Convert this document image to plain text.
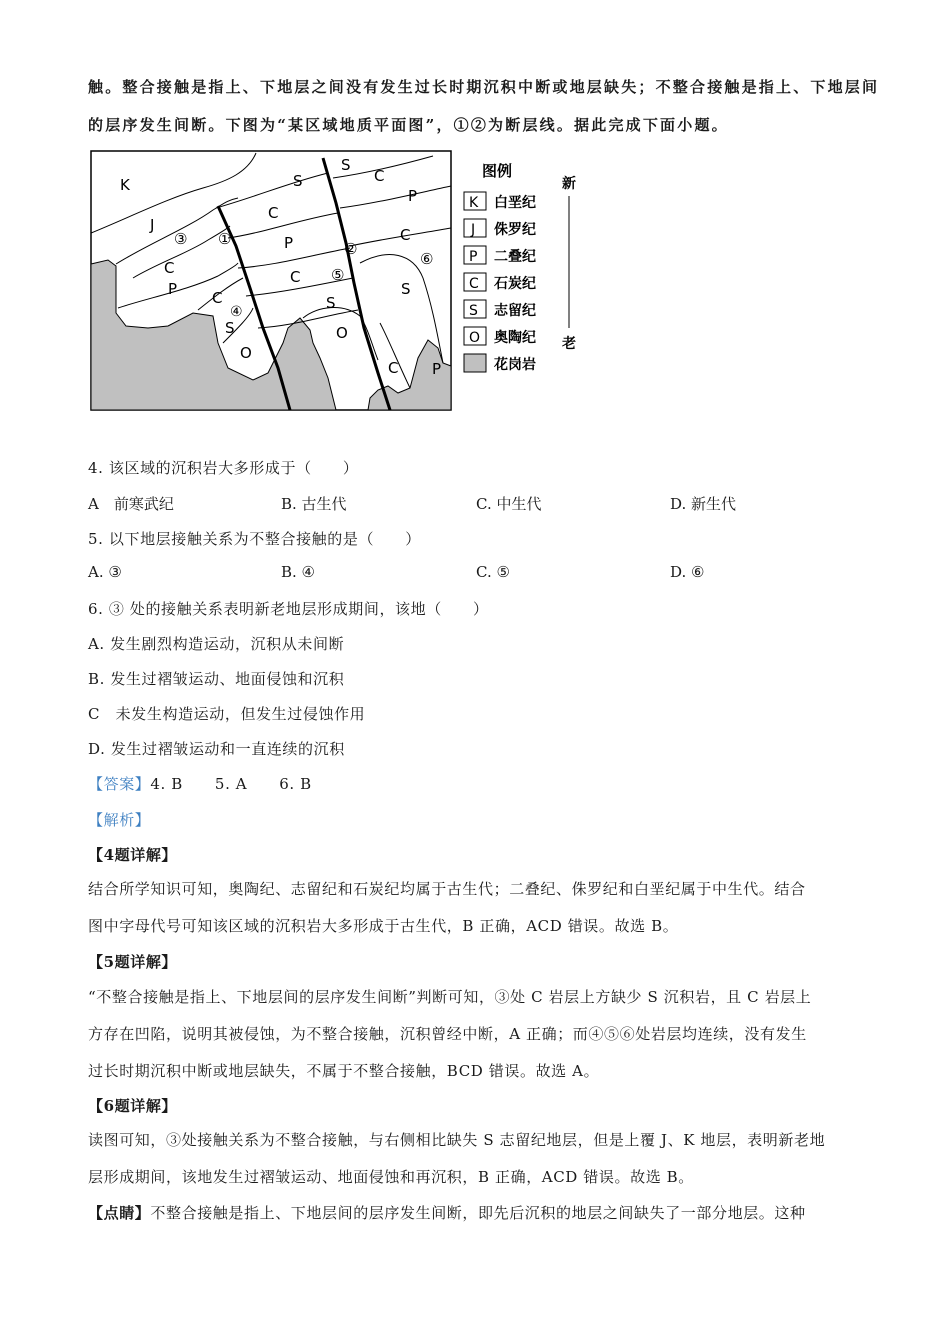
触。整合接触是指上、下地层之间没有发生过长时期沉积中断或地层缺失；不整合接触是指上、下地层间
的层序发生间断。下图为“某区域地质平面图”，①②为断层线。据此完成下面小题。
K
J
C
P C
S
O
S
C
P
C
S
O
S
C
P
C
S
C P
①
②
③
④
⑤
⑥
图例
K 白垩纪
J 侏罗纪
P 二叠纪
C 石炭纪
S 志留纪
O 奥陶纪
花岗岩
新
老
4. 该区域的沉积岩大多形成于（　　）
A　前寒武纪	B. 古生代	C. 中生代	D. 新生代
5. 以下地层接触关系为不整合接触的是（　　）
A. ③	B. ④	C. ⑤	D. ⑥
6. ③ 处的接触关系表明新老地层形成期间，该地（　　）
A. 发生剧烈构造运动，沉积从未间断
B. 发生过褶皱运动、地面侵蚀和沉积
C　未发生构造运动，但发生过侵蚀作用
D. 发生过褶皱运动和一直连续的沉积
【答案】4. B 5. A 6. B
【解析】
【4题详解】
结合所学知识可知，奥陶纪、志留纪和石炭纪均属于古生代；二叠纪、侏罗纪和白垩纪属于中生代。结合
图中字母代号可知该区域的沉积岩大多形成于古生代，B 正确，ACD 错误。故选 B。
【5题详解】
“不整合接触是指上、下地层间的层序发生间断”判断可知，③处 C 岩层上方缺少 S 沉积岩，且 C 岩层上
方存在凹陷，说明其被侵蚀，为不整合接触，沉积曾经中断，A 正确；而④⑤⑥处岩层均连续，没有发生
过长时期沉积中断或地层缺失，不属于不整合接触，BCD 错误。故选 A。
【6题详解】
读图可知，③处接触关系为不整合接触，与右侧相比缺失 S 志留纪地层，但是上覆 J、K 地层，表明新老地
层形成期间，该地发生过褶皱运动、地面侵蚀和再沉积，B 正确，ACD 错误。故选 B。
【点睛】不整合接触是指上、下地层间的层序发生间断，即先后沉积的地层之间缺失了一部分地层。这种
